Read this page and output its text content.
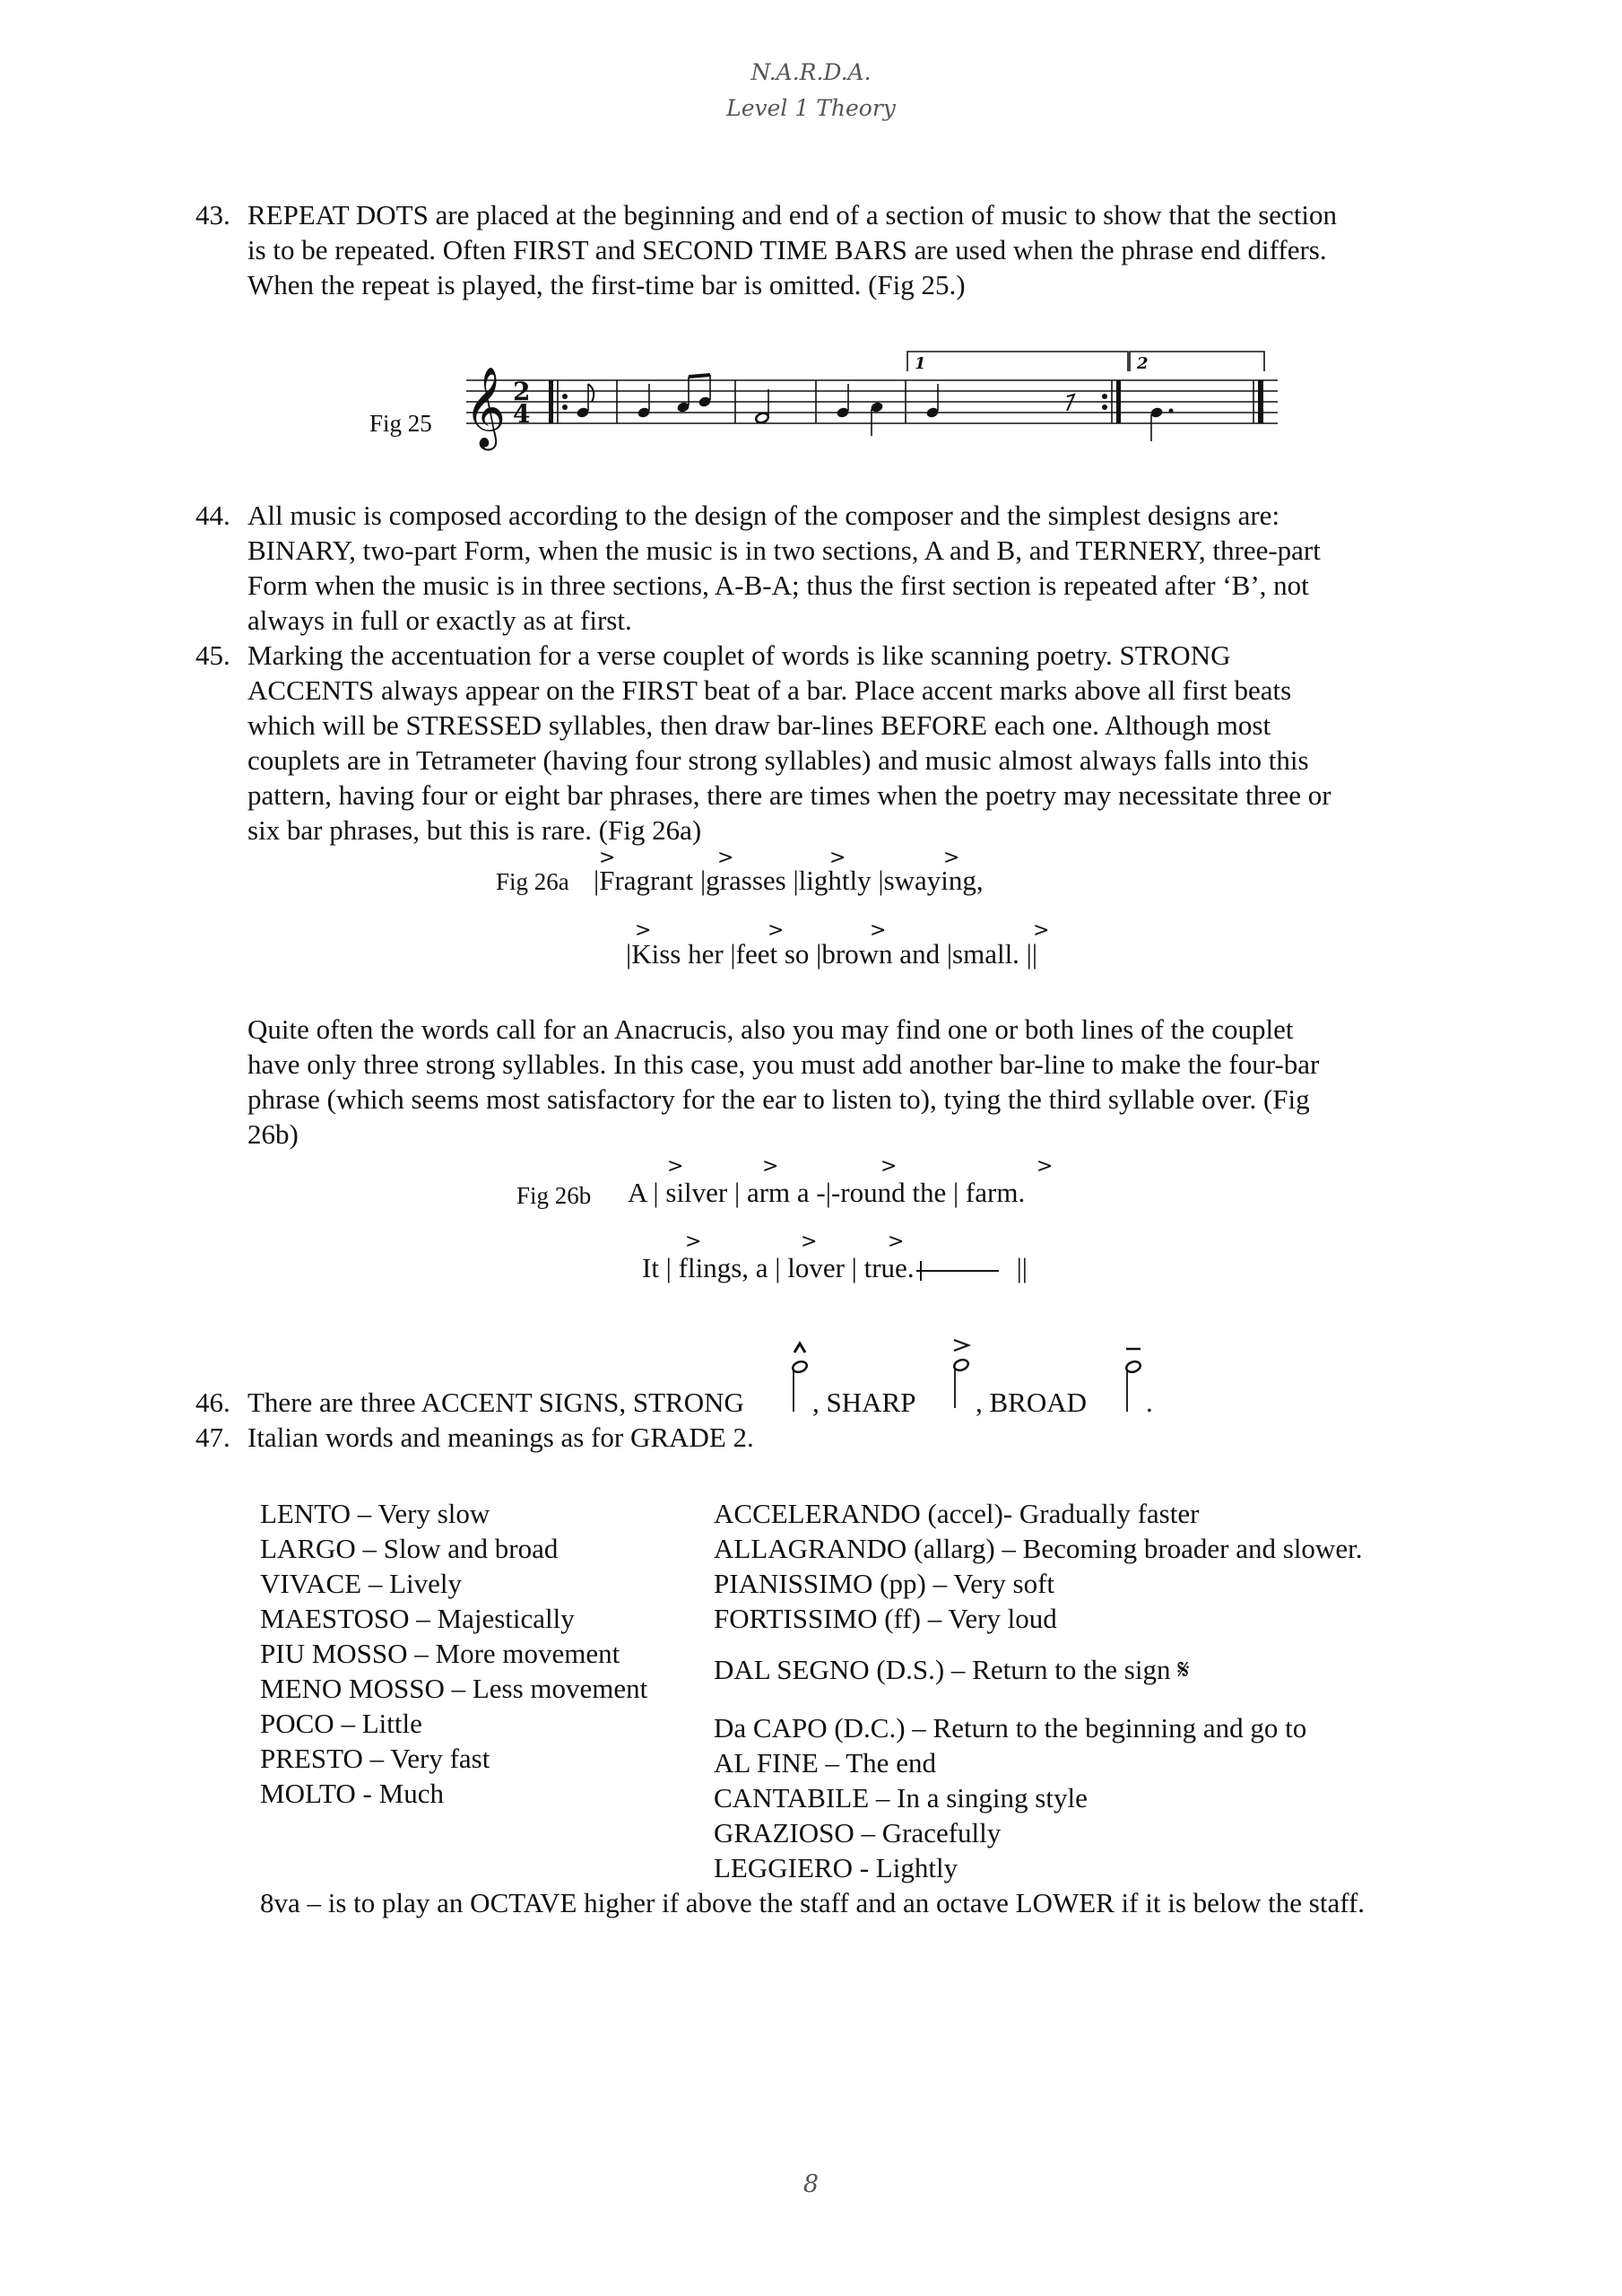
N.A.R.D.A.
Level 1 Theory
43. REPEAT DOTS are placed at the beginning and end of a section of music to show that the section
is to be repeated. Often FIRST and SECOND TIME BARS are used when the phrase end differs.
When the repeat is played, the first-time bar is omitted. (Fig 25.)
Fig 25 𝄞 2
4
1	2
44. All music is composed according to the design of the composer and the simplest designs are:
BINARY, two-part Form, when the music is in two sections, A and B, and TERNERY, three-part
Form when the music is in three sections, A-B-A; thus the first section is repeated after ‘B’, not
always in full or exactly as at first.
45. Marking the accentuation for a verse couplet of words is like scanning poetry. STRONG
ACCENTS always appear on the FIRST beat of a bar. Place accent marks above all first beats
which will be STRESSED syllables, then draw bar-lines BEFORE each one. Although most
couplets are in Tetrameter (having four strong syllables) and music almost always falls into this
pattern, having four or eight bar phrases, there are times when the poetry may necessitate three or
six bar phrases, but this is rare. (Fig 26a)
Fig 26a |Fragrant |grasses |lightly |swaying,
|Kiss her |feet so |brown and |small. ||
>	>	>	>
>	>	>	>
Quite often the words call for an Anacrucis, also you may find one or both lines of the couplet
have only three strong syllables. In this case, you must add another bar-line to make the four-bar
phrase (which seems most satisfactory for the ear to listen to), tying the third syllable over. (Fig
26b)
Fig 26b A | silver | arm a -|-round the | farm.
It | flings, a | lover | true.	||
>	>	>	>
>	>	>
46. There are three ACCENT SIGNS, STRONG , SHARP , BROAD .
47. Italian words and meanings as for GRADE 2.
LENTO – Very slow
LARGO – Slow and broad
VIVACE – Lively
MAESTOSO – Majestically
PIU MOSSO – More movement
MENO MOSSO – Less movement
POCO – Little
PRESTO – Very fast
MOLTO - Much
ACCELERANDO (accel)- Gradually faster
ALLAGRANDO (allarg) – Becoming broader and slower.
PIANISSIMO (pp) – Very soft
FORTISSIMO (ff) – Very loud
DAL SEGNO (D.S.) – Return to the sign 𝄋
Da CAPO (D.C.) – Return to the beginning and go to
AL FINE – The end
CANTABILE – In a singing style
GRAZIOSO – Gracefully
LEGGIERO - Lightly
8va – is to play an OCTAVE higher if above the staff and an octave LOWER if it is below the staff.
8
